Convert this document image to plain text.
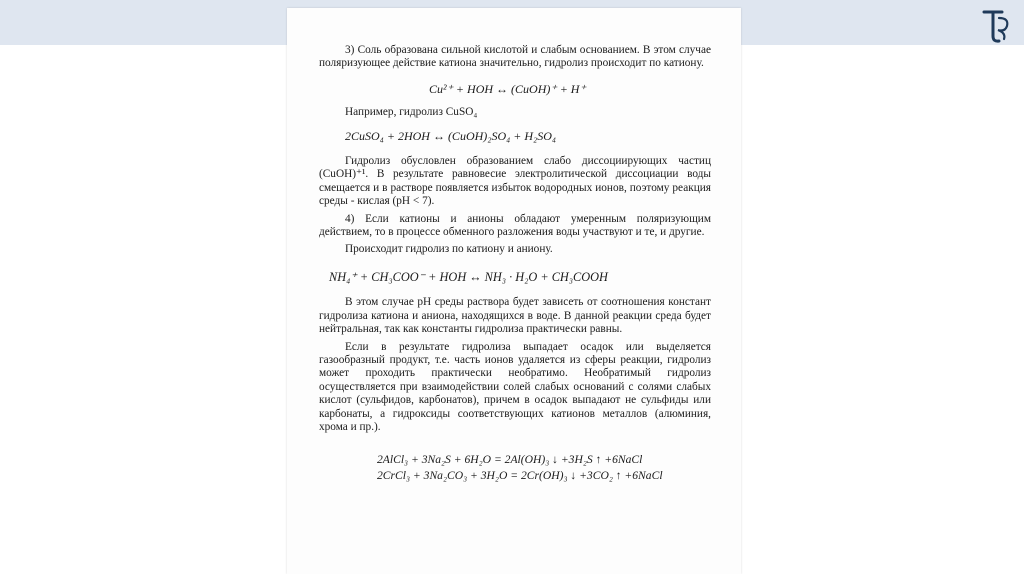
3) Соль образована сильной кислотой и слабым основанием. В этом случае поляризующее действие катиона значительно, гидролиз происходит по катиону.

Cu²⁺ + HOH ↔ (CuOH)⁺ + H⁺

Например, гидролиз CuSO₄

2CuSO₄ + 2HOH ↔ (CuOH)₂SO₄ + H₂SO₄

Гидролиз обусловлен образованием слабо диссоциирующих частиц (CuOH)⁺¹. В результате равновесие электролитической диссоциации воды смещается и в растворе появляется избыток водородных ионов, поэтому реакция среды - кислая (pH < 7).

4) Если катионы и анионы обладают умеренным поляризующим действием, то в процессе обменного разложения воды участвуют и те, и другие.

Происходит гидролиз по катиону и аниону.

NH₄⁺ + CH₃COO⁻ + HOH ↔ NH₃ · H₂O + CH₃COOH

В этом случае pH среды раствора будет зависеть от соотношения констант гидролиза катиона и аниона, находящихся в воде. В данной реакции среда будет нейтральная, так как константы гидролиза практически равны.

Если в результате гидролиза выпадает осадок или выделяется газообразный продукт, т.е. часть ионов удаляется из сферы реакции, гидролиз может проходить практически необратимо. Необратимый гидролиз осуществляется при взаимодействии солей слабых оснований с солями слабых кислот (сульфидов, карбонатов), причем в осадок выпадают не сульфиды или карбонаты, а гидроксиды соответствующих катионов металлов (алюминия, хрома и пр.).

2AlCl₃ + 3Na₂S + 6H₂O = 2Al(OH)₃ ↓ +3H₂S ↑ +6NaCl
2CrCl₃ + 3Na₂CO₃ + 3H₂O = 2Cr(OH)₃ ↓ +3CO₂ ↑ +6NaCl
